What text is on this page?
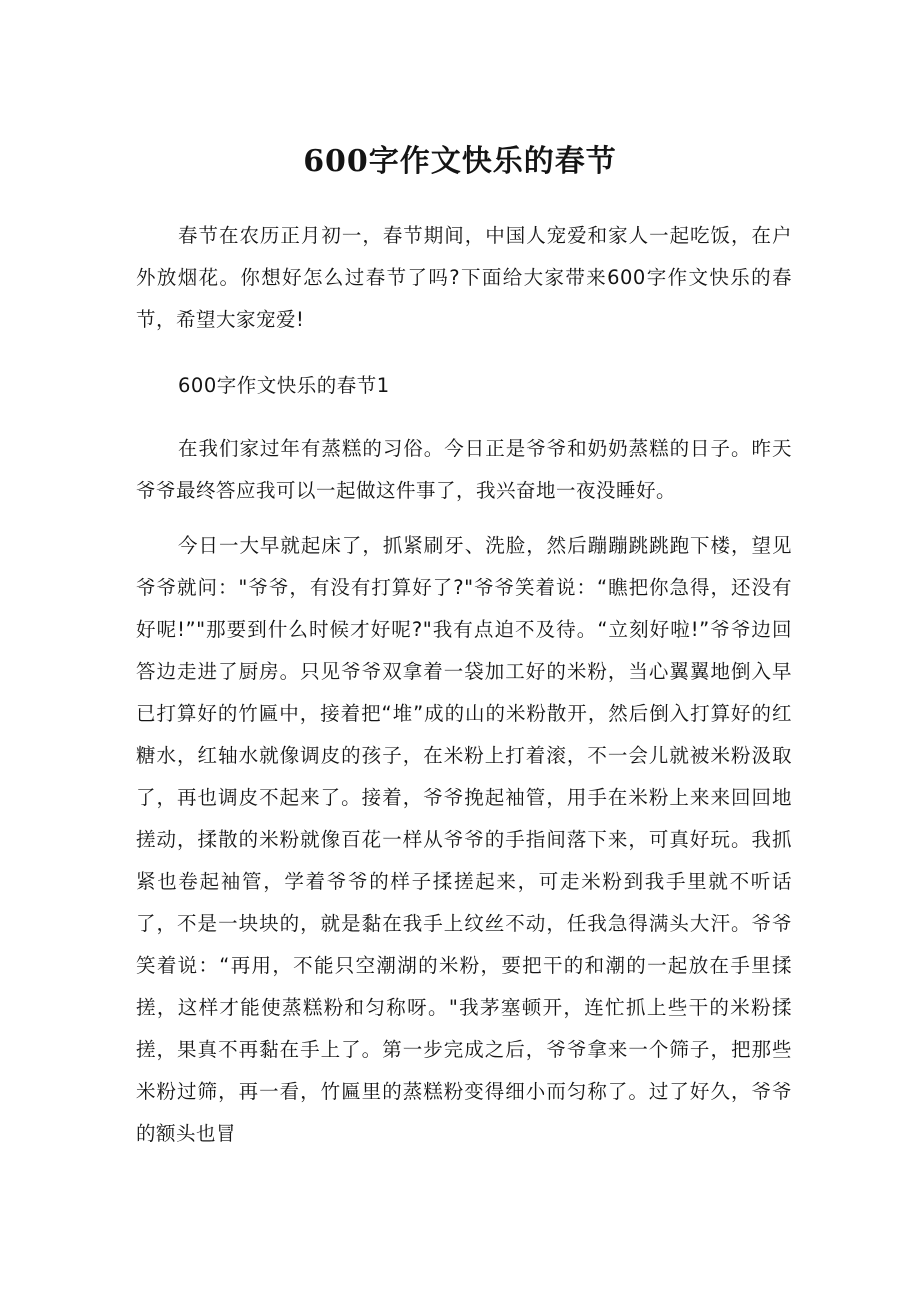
600字作文快乐的春节

春节在农历正月初一，春节期间，中国人宠爱和家人一起吃饭，在户外放烟花。你想好怎么过春节了吗?下面给大家带来600字作文快乐的春节，希望大家宠爱!

600字作文快乐的春节1

在我们家过年有蒸糕的习俗。今日正是爷爷和奶奶蒸糕的日子。昨天爷爷最终答应我可以一起做这件事了，我兴奋地一夜没睡好。

今日一大早就起床了，抓紧刷牙、洗脸，然后蹦蹦跳跳跑下楼，望见爷爷就问："爷爷，有没有打算好了?"爷爷笑着说：“瞧把你急得，还没有好呢!”"那要到什么时候才好呢?"我有点迫不及待。“立刻好啦!”爷爷边回答边走进了厨房。只见爷爷双拿着一袋加工好的米粉，当心翼翼地倒入早已打算好的竹匾中，接着把“堆”成的山的米粉散开，然后倒入打算好的红糖水，红轴水就像调皮的孩子，在米粉上打着滚，不一会儿就被米粉汲取了，再也调皮不起来了。接着，爷爷挽起袖管，用手在米粉上来来回回地搓动，揉散的米粉就像百花一样从爷爷的手指间落下来，可真好玩。我抓紧也卷起袖管，学着爷爷的样子揉搓起来，可走米粉到我手里就不听话了，不是一块块的，就是黏在我手上纹丝不动，任我急得满头大汗。爷爷笑着说：“再用，不能只空潮湖的米粉，要把干的和潮的一起放在手里揉搓，这样才能使蒸糕粉和匀称呀。"我茅塞顿开，连忙抓上些干的米粉揉搓，果真不再黏在手上了。第一步完成之后，爷爷拿来一个筛子，把那些米粉过筛，再一看，竹匾里的蒸糕粉变得细小而匀称了。过了好久，爷爷的额头也冒
